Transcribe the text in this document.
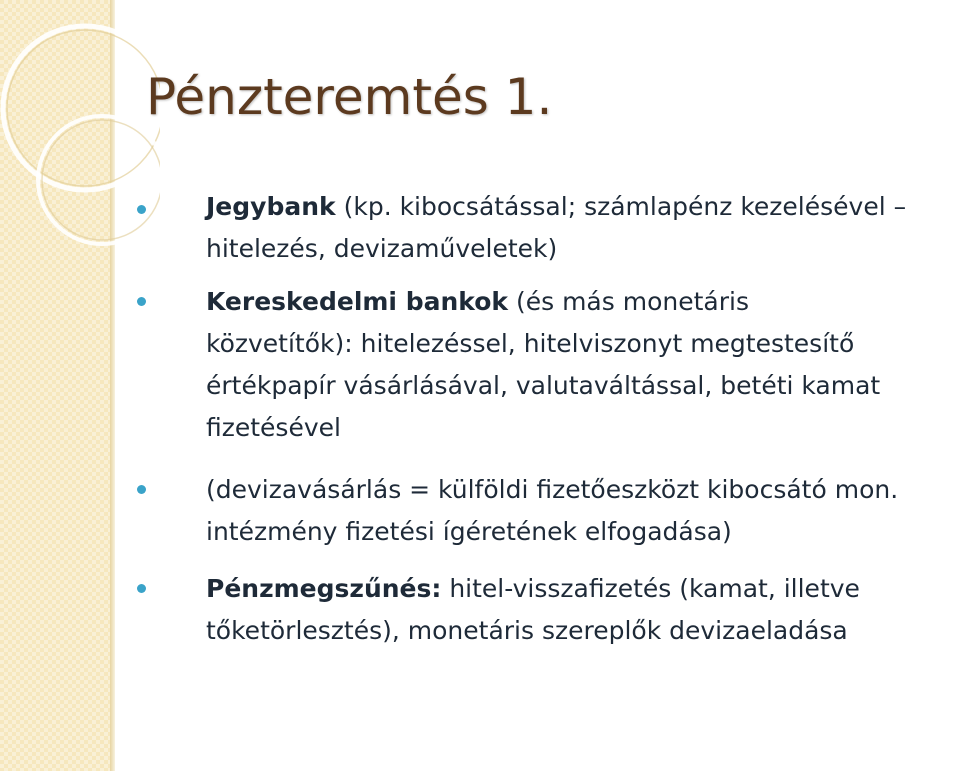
Pénzteremtés 1.

Jegybank (kp. kibocsátással; számlapénz kezelésével –
hitelezés, devizaműveletek)

Kereskedelmi bankok (és más monetáris
közvetítők): hitelezéssel, hitelviszonyt megtestesítő
értékpapír vásárlásával, valutaváltással, betéti kamat
fizetésével

(devizavásárlás = külföldi fizetőeszközt kibocsátó mon.
intézmény fizetési ígéretének elfogadása)

Pénzmegszűnés: hitel-visszafizetés (kamat, illetve
tőketörlesztés), monetáris szereplők devizaeladása
